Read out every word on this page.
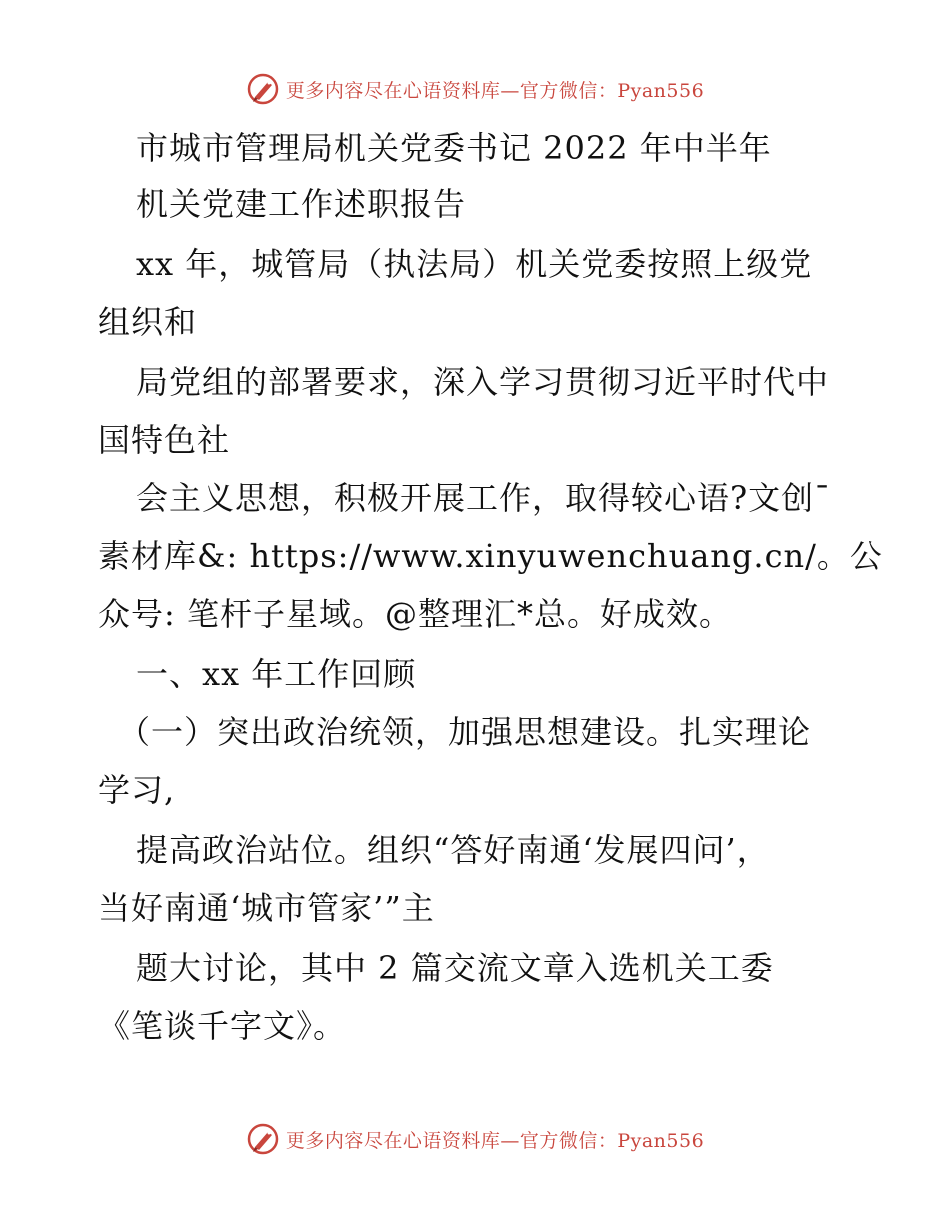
更多内容尽在心语资料库—官方微信：Pyan556
市城市管理局机关党委书记 2022 年中半年
机关党建工作述职报告
xx 年，城管局（执法局）机关党委按照上级党
组织和
局党组的部署要求，深入学习贯彻习近平时代中
国特色社
会主义思想，积极开展工作，取得较心语?文创¯
素材库&: https://www.xinyuwenchuang.cn/。公
众号: 笔杆子星域。@整理汇*总。好成效。
一、xx 年工作回顾
（一）突出政治统领，加强思想建设。扎实理论
学习,
提高政治站位。组织“答好南通‘发展四问’，
当好南通‘城市管家’”主
题大讨论，其中 2 篇交流文章入选机关工委
《笔谈千字文》。
更多内容尽在心语资料库—官方微信：Pyan556
